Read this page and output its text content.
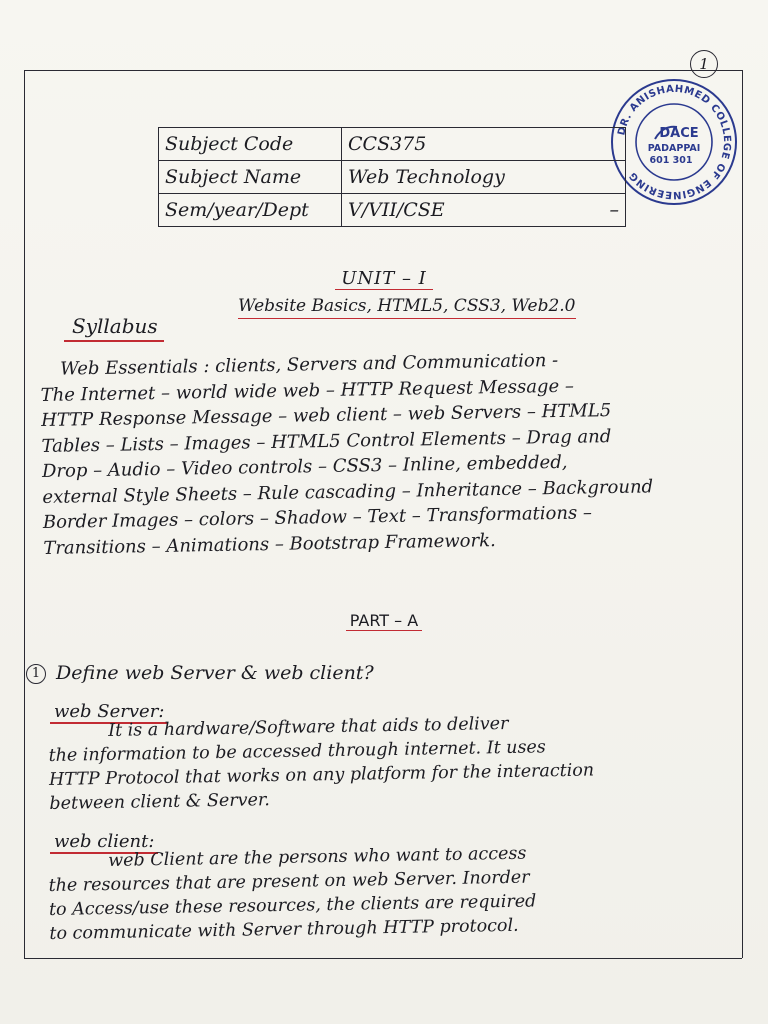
1
DR. ANISHAHMED COLLEGE OF ENGINEERING
DACE
PADAPPAI
601 301
Subject Code	CCS375
Subject Name	Web Technology
Sem/year/Dept	V/VII/CSE –
UNIT – I
Website Basics, HTML5, CSS3, Web2.0
Syllabus
Web Essentials : clients, Servers and Communication -
The Internet – world wide web – HTTP Request Message –
HTTP Response Message – web client – web Servers – HTML5
Tables – Lists – Images – HTML5 Control Elements – Drag and
Drop – Audio – Video controls – CSS3 – Inline, embedded,
external Style Sheets – Rule cascading – Inheritance – Background
Border Images – colors – Shadow – Text – Transformations –
Transitions – Animations – Bootstrap Framework.
PART – A
1 Define web Server & web client?
web Server:
It is a hardware/Software that aids to deliver
the information to be accessed through internet. It uses
HTTP Protocol that works on any platform for the interaction
between client & Server.
web client:
web Client are the persons who want to access
the resources that are present on web Server. Inorder
to Access/use these resources, the clients are required
to communicate with Server through HTTP protocol.
